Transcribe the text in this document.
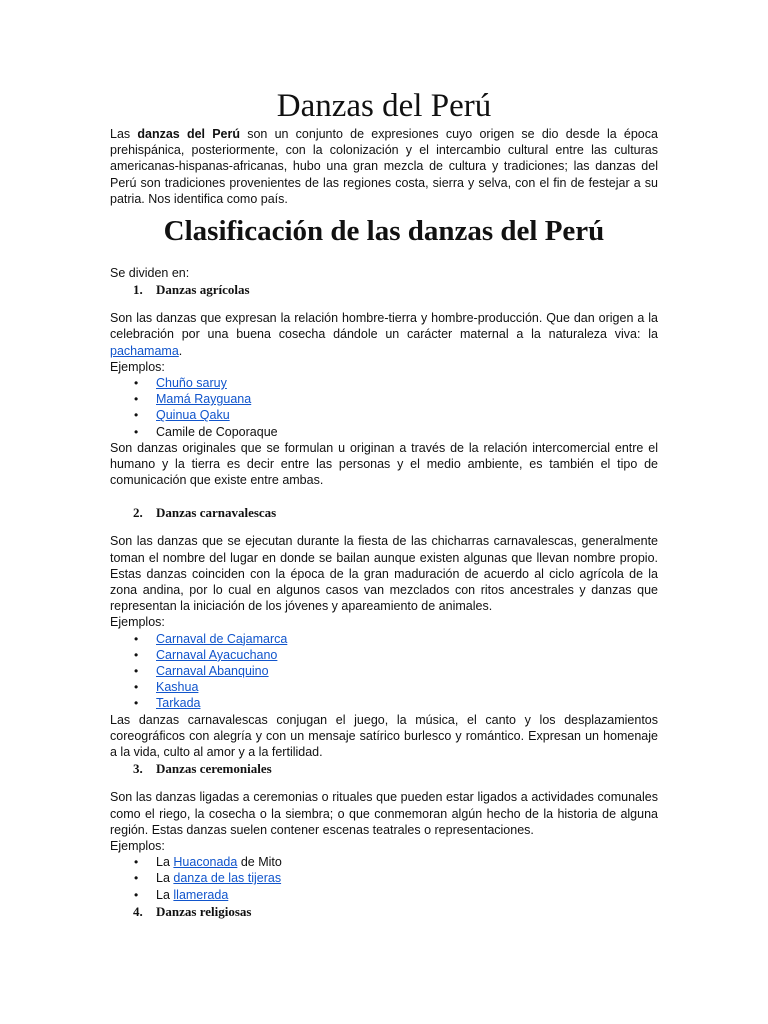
Danzas del Perú

Las danzas del Perú son un conjunto de expresiones cuyo origen se dio desde la época prehispánica, posteriormente, con la colonización y el intercambio cultural entre las culturas americanas-hispanas-africanas, hubo una gran mezcla de cultura y tradiciones; las danzas del Perú son tradiciones provenientes de las regiones costa, sierra y selva, con el fin de festejar a su patria. Nos identifica como país.

Clasificación de las danzas del Perú

Se dividen en:

1. Danzas agrícolas

Son las danzas que expresan la relación hombre-tierra y hombre-producción. Que dan origen a la celebración por una buena cosecha dándole un carácter maternal a la naturaleza viva: la pachamama.

Ejemplos:

• Chuño saruy
• Mamá Rayguana
• Quinua Qaku
• Camile de Coporaque

Son danzas originales que se formulan u originan a través de la relación intercomercial entre el humano y la tierra es decir entre las personas y el medio ambiente, es también el tipo de comunicación que existe entre ambas.

2. Danzas carnavalescas

Son las danzas que se ejecutan durante la fiesta de las chicharras carnavalescas, generalmente toman el nombre del lugar en donde se bailan aunque existen algunas que llevan nombre propio. Estas danzas coinciden con la época de la gran maduración de acuerdo al ciclo agrícola de la zona andina, por lo cual en algunos casos van mezclados con ritos ancestrales y danzas que representan la iniciación de los jóvenes y apareamiento de animales.

Ejemplos:

• Carnaval de Cajamarca
• Carnaval Ayacuchano
• Carnaval Abanquino
• Kashua
• Tarkada

Las danzas carnavalescas conjugan el juego, la música, el canto y los desplazamientos coreográficos con alegría y con un mensaje satírico burlesco y romántico. Expresan un homenaje a la vida, culto al amor y a la fertilidad.

3. Danzas ceremoniales

Son las danzas ligadas a ceremonias o rituales que pueden estar ligados a actividades comunales como el riego, la cosecha o la siembra; o que conmemoran algún hecho de la historia de alguna región. Estas danzas suelen contener escenas teatrales o representaciones.

Ejemplos:

• La Huaconada de Mito
• La danza de las tijeras
• La llamerada
4. Danzas religiosas
